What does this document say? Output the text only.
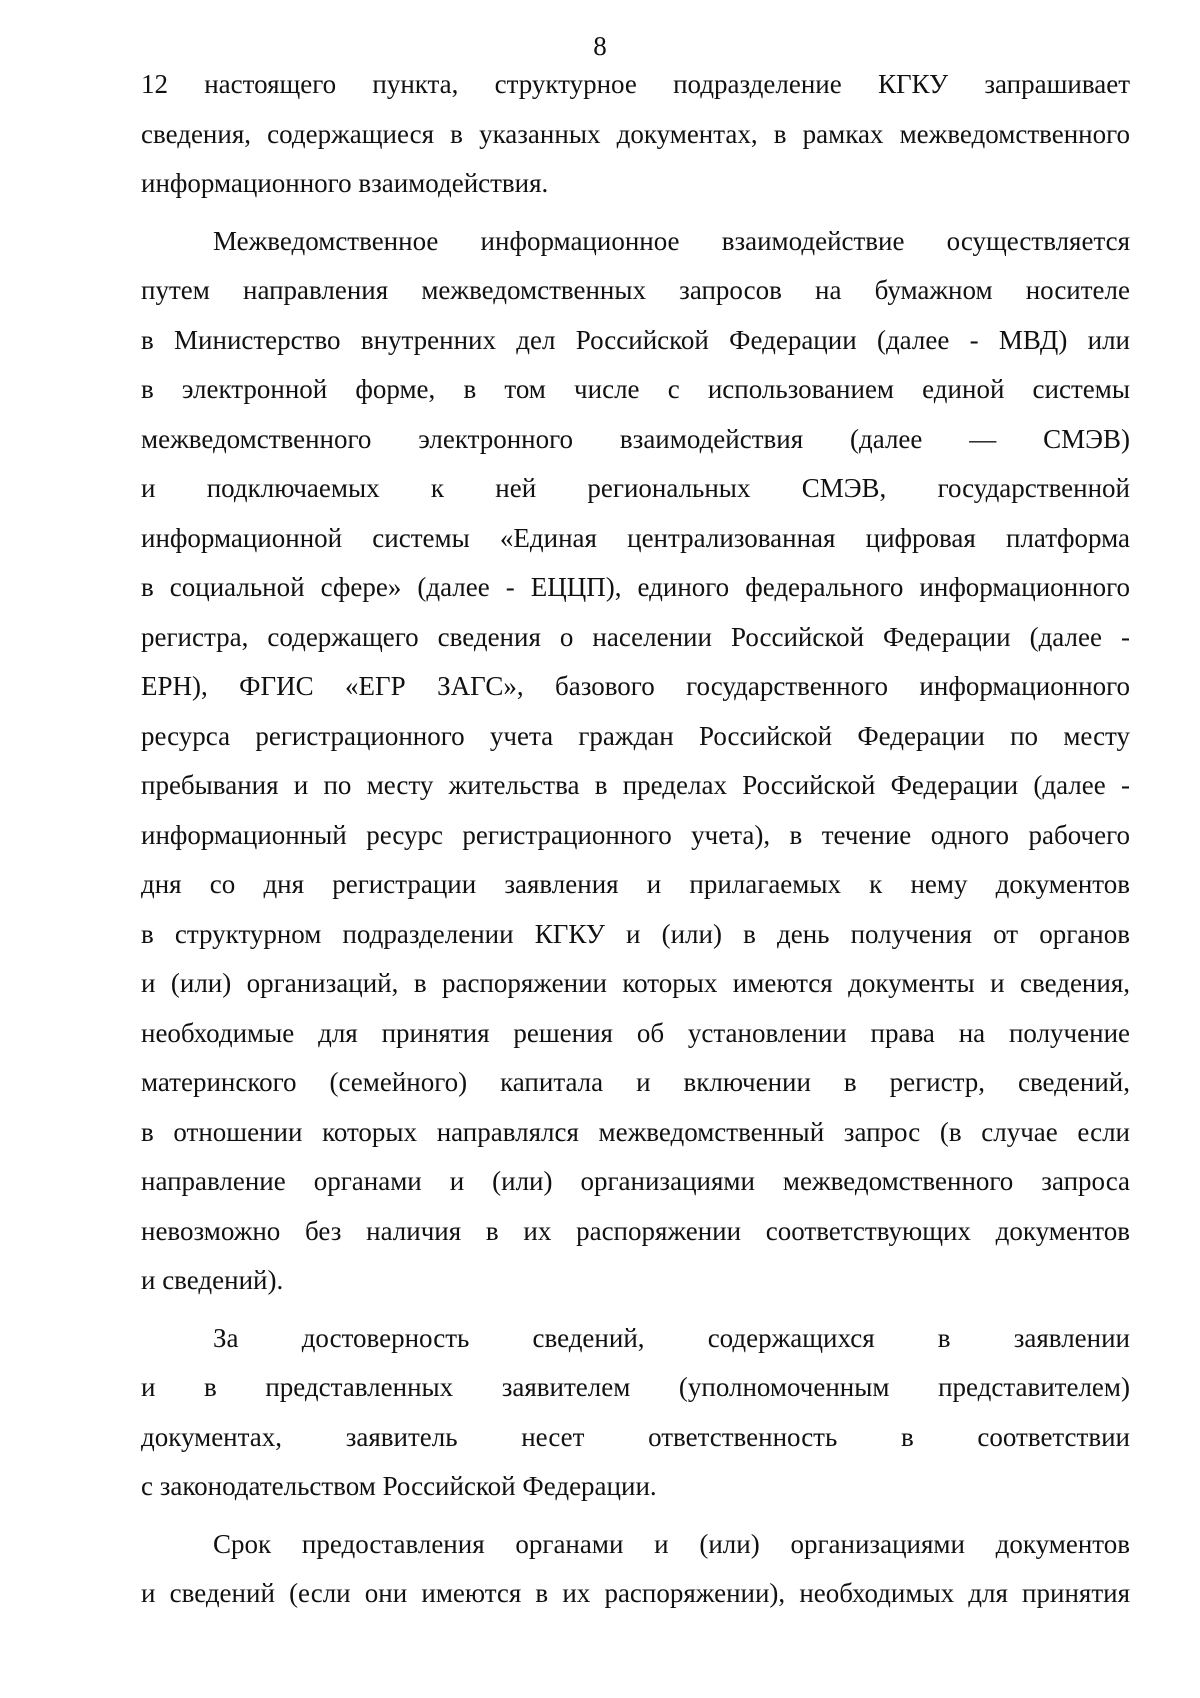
8
12 настоящего пункта, структурное подразделение КГКУ запрашивает
сведения, содержащиеся в указанных документах, в рамках межведомственного
информационного взаимодействия.
Межведомственное информационное взаимодействие осуществляется
путем направления межведомственных запросов на бумажном носителе
в Министерство внутренних дел Российской Федерации (далее - МВД) или
в электронной форме, в том числе с использованием единой системы
межведомственного электронного взаимодействия (далее — СМЭВ)
и подключаемых к ней региональных СМЭВ, государственной
информационной системы «Единая централизованная цифровая платформа
в социальной сфере» (далее - ЕЦЦП), единого федерального информационного
регистра, содержащего сведения о населении Российской Федерации (далее -
ЕРН), ФГИС «ЕГР ЗАГС», базового государственного информационного
ресурса регистрационного учета граждан Российской Федерации по месту
пребывания и по месту жительства в пределах Российской Федерации (далее -
информационный ресурс регистрационного учета), в течение одного рабочего
дня со дня регистрации заявления и прилагаемых к нему документов
в структурном подразделении КГКУ и (или) в день получения от органов
и (или) организаций, в распоряжении которых имеются документы и сведения,
необходимые для принятия решения об установлении права на получение
материнского (семейного) капитала и включении в регистр, сведений,
в отношении которых направлялся межведомственный запрос (в случае если
направление органами и (или) организациями межведомственного запроса
невозможно без наличия в их распоряжении соответствующих документов
и сведений).
За достоверность сведений, содержащихся в заявлении
и в представленных заявителем (уполномоченным представителем)
документах, заявитель несет ответственность в соответствии
с законодательством Российской Федерации.
Срок предоставления органами и (или) организациями документов
и сведений (если они имеются в их распоряжении), необходимых для принятия
